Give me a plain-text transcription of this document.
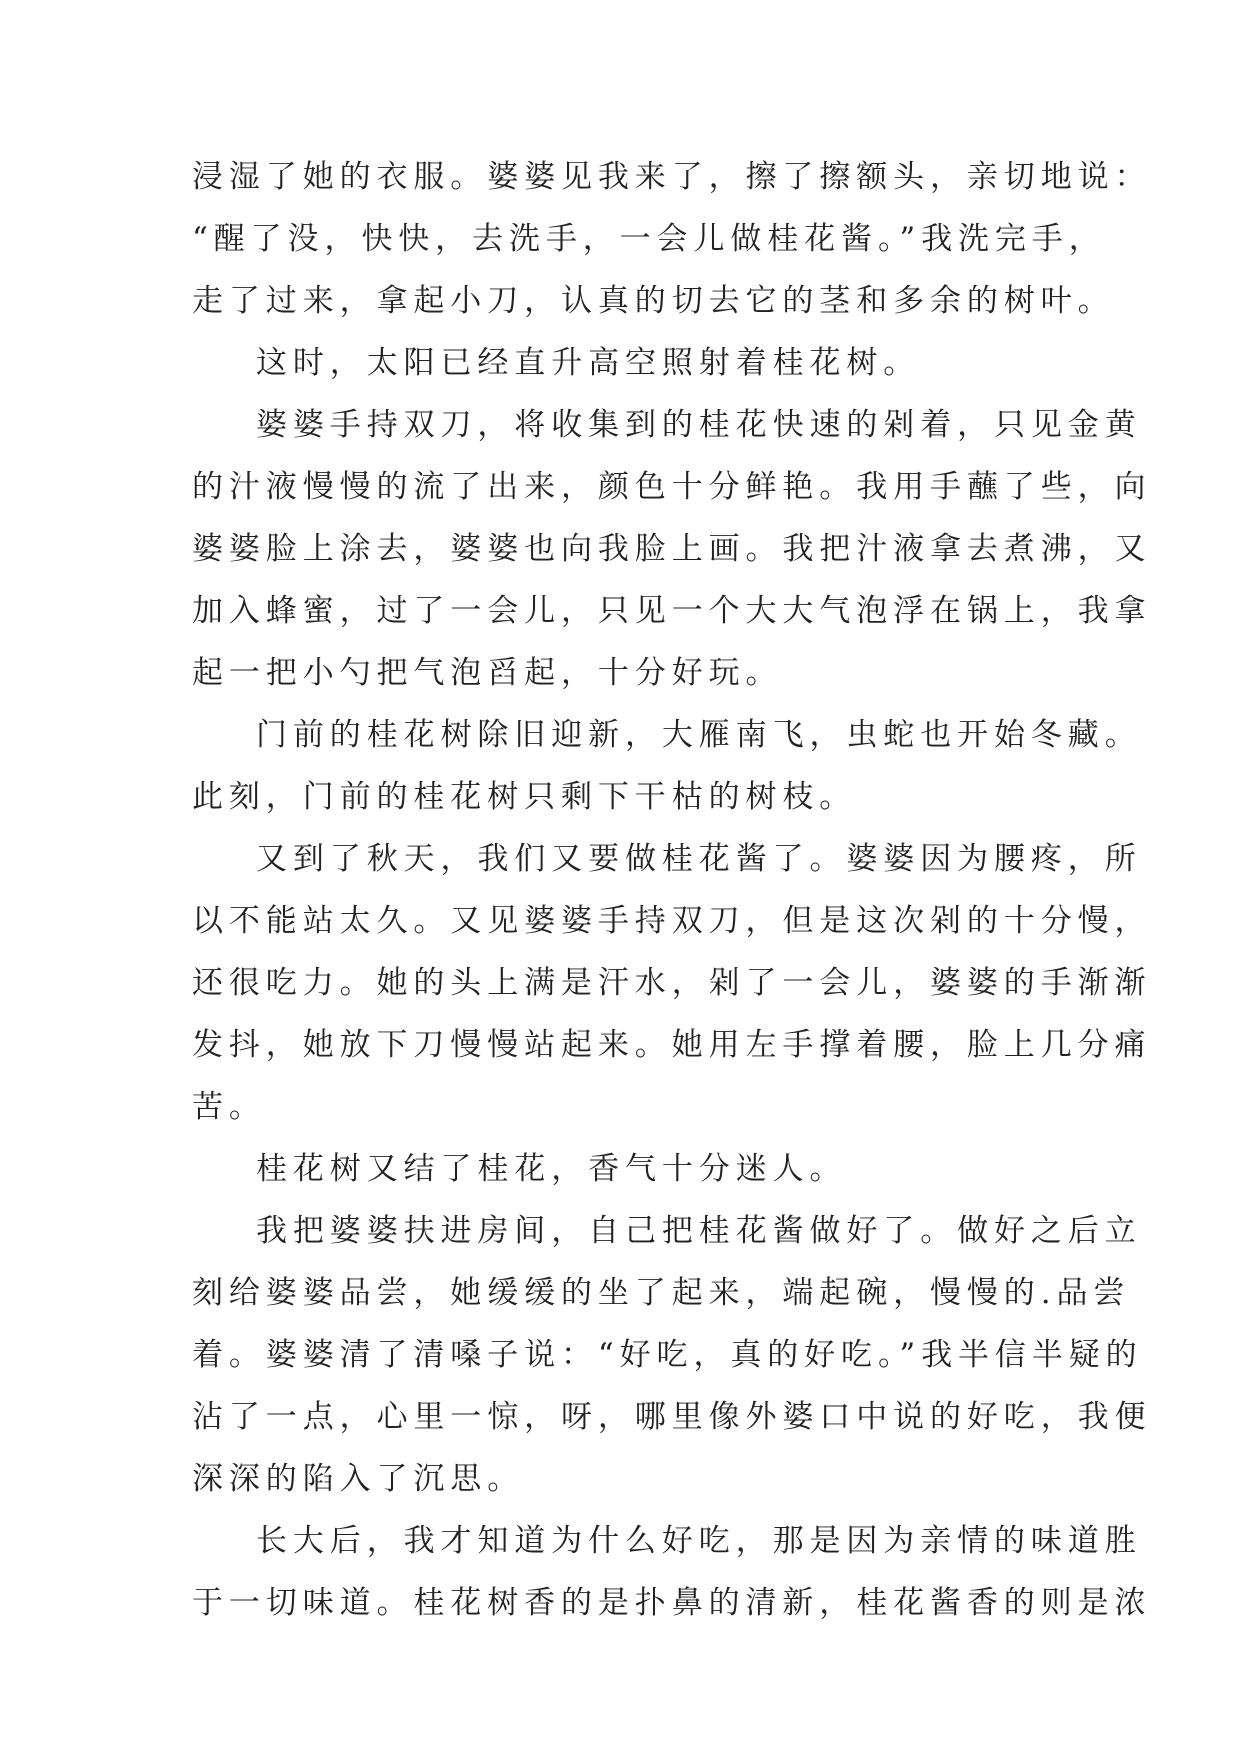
浸湿了她的衣服。婆婆见我来了，擦了擦额头，亲切地说：
“醒了没，快快，去洗手，一会儿做桂花酱。”我洗完手，
走了过来，拿起小刀，认真的切去它的茎和多余的树叶。
这时，太阳已经直升高空照射着桂花树。
婆婆手持双刀，将收集到的桂花快速的剁着，只见金黄
的汁液慢慢的流了出来，颜色十分鲜艳。我用手蘸了些，向
婆婆脸上涂去，婆婆也向我脸上画。我把汁液拿去煮沸，又
加入蜂蜜，过了一会儿，只见一个大大气泡浮在锅上，我拿
起一把小勺把气泡舀起，十分好玩。
门前的桂花树除旧迎新，大雁南飞，虫蛇也开始冬藏。
此刻，门前的桂花树只剩下干枯的树枝。
又到了秋天，我们又要做桂花酱了。婆婆因为腰疼，所
以不能站太久。又见婆婆手持双刀，但是这次剁的十分慢，
还很吃力。她的头上满是汗水，剁了一会儿，婆婆的手渐渐
发抖，她放下刀慢慢站起来。她用左手撑着腰，脸上几分痛
苦。
桂花树又结了桂花，香气十分迷人。
我把婆婆扶进房间，自己把桂花酱做好了。做好之后立
刻给婆婆品尝，她缓缓的坐了起来，端起碗，慢慢的.品尝
着。婆婆清了清嗓子说：“好吃，真的好吃。”我半信半疑的
沾了一点，心里一惊，呀，哪里像外婆口中说的好吃，我便
深深的陷入了沉思。
长大后，我才知道为什么好吃，那是因为亲情的味道胜
于一切味道。桂花树香的是扑鼻的清新，桂花酱香的则是浓
